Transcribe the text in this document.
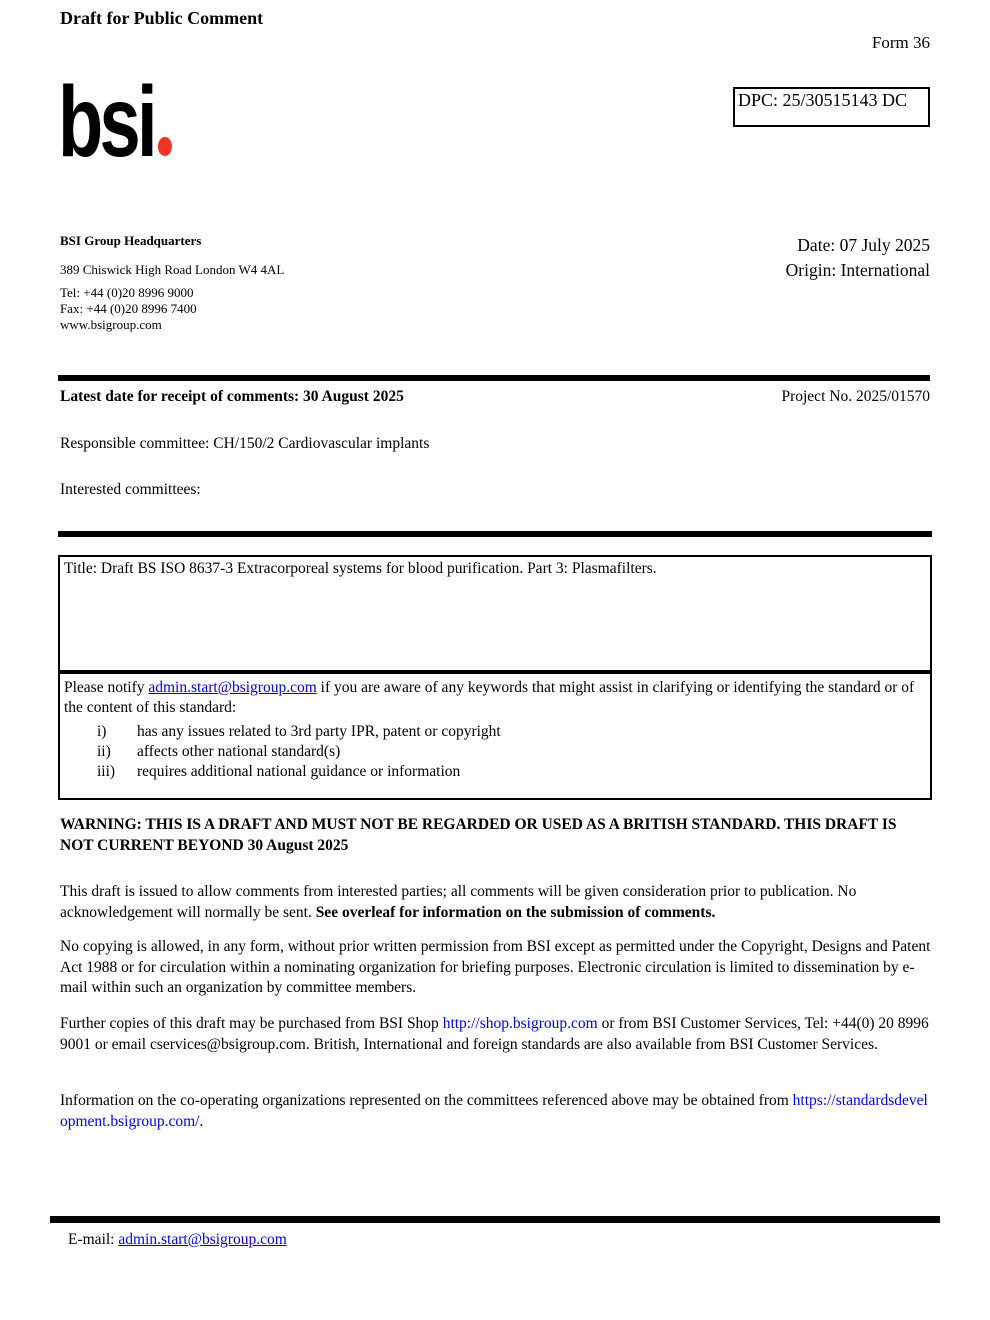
Draft for Public Comment
Form 36
DPC: 25/30515143 DC
bsi
BSI Group Headquarters
389 Chiswick High Road London W4 4AL
Tel: +44 (0)20 8996 9000
Fax: +44 (0)20 8996 7400
www.bsigroup.com
Date: 07 July 2025
Origin: International
Latest date for receipt of comments: 30 August 2025	Project No. 2025/01570
Responsible committee: CH/150/2 Cardiovascular implants
Interested committees:
Title: Draft BS ISO 8637-3 Extracorporeal systems for blood purification. Part 3: Plasmafilters.
Please notify admin.start@bsigroup.com if you are aware of any keywords that might assist in clarifying or identifying the standard or of the content of this standard:
i)	has any issues related to 3rd party IPR, patent or copyright
ii)	affects other national standard(s)
iii)	requires additional national guidance or information
WARNING: THIS IS A DRAFT AND MUST NOT BE REGARDED OR USED AS A BRITISH STANDARD. THIS DRAFT IS NOT CURRENT BEYOND 30 August 2025
This draft is issued to allow comments from interested parties; all comments will be given consideration prior to publication. No acknowledgement will normally be sent. See overleaf for information on the submission of comments.
No copying is allowed, in any form, without prior written permission from BSI except as permitted under the Copyright, Designs and Patent Act 1988 or for circulation within a nominating organization for briefing purposes. Electronic circulation is limited to dissemination by e-mail within such an organization by committee members.
Further copies of this draft may be purchased from BSI Shop http://shop.bsigroup.com or from BSI Customer Services, Tel: +44(0) 20 8996 9001 or email cservices@bsigroup.com. British, International and foreign standards are also available from BSI Customer Services.
Information on the co-operating organizations represented on the committees referenced above may be obtained from https://standardsdevelopment.bsigroup.com/.
E-mail: admin.start@bsigroup.com
